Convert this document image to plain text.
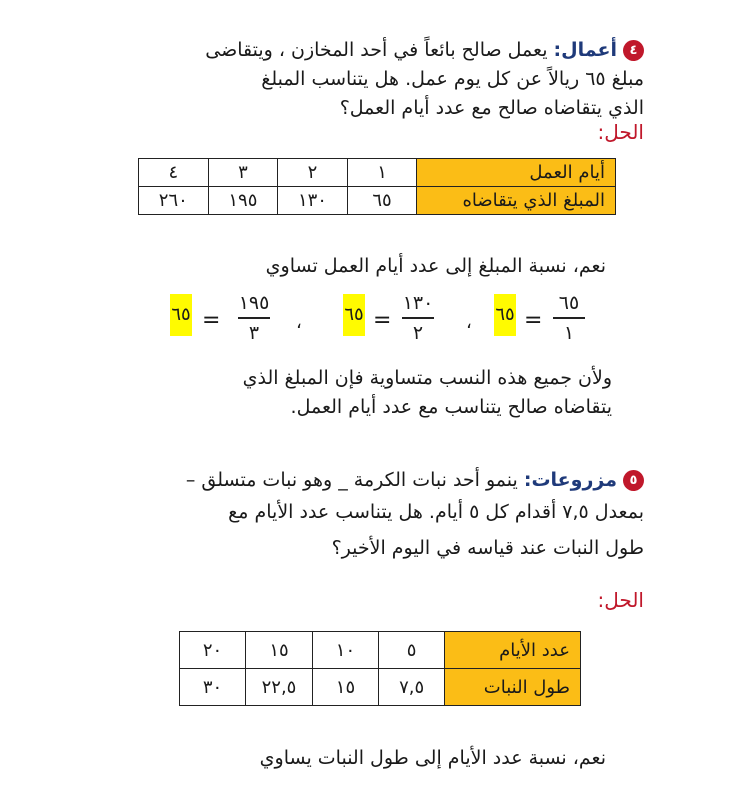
٤أعمال: يعمل صالح بائعاً في أحد المخازن ، ويتقاضى
مبلغ ٦٥ ريالاً عن كل يوم عمل. هل يتناسب المبلغ
الذي يتقاضاه صالح مع عدد أيام العمل؟
الحل:
أيام العمل	١	٢	٣	٤
المبلغ الذي يتقاضاه	٦٥	١٣٠	١٩٥	٢٦٠
نعم، نسبة المبلغ إلى عدد أيام العمل تساوي
٦٥
١
=
٦٥
،
١٣٠
٢
=
٦٥
،
١٩٥
٣
=
٦٥
ولأن جميع هذه النسب متساوية فإن المبلغ الذي
يتقاضاه صالح يتناسب مع عدد أيام العمل.
٥مزروعات: ينمو أحد نبات الكرمة _ وهو نبات متسلق –
بمعدل ٧,٥ أقدام كل ٥ أيام. هل يتناسب عدد الأيام مع
طول النبات عند قياسه في اليوم الأخير؟
الحل:
عدد الأيام	٥	١٠	١٥	٢٠
طول النبات	٧,٥	١٥	٢٢,٥	٣٠
نعم، نسبة عدد الأيام إلى طول النبات يساوي
